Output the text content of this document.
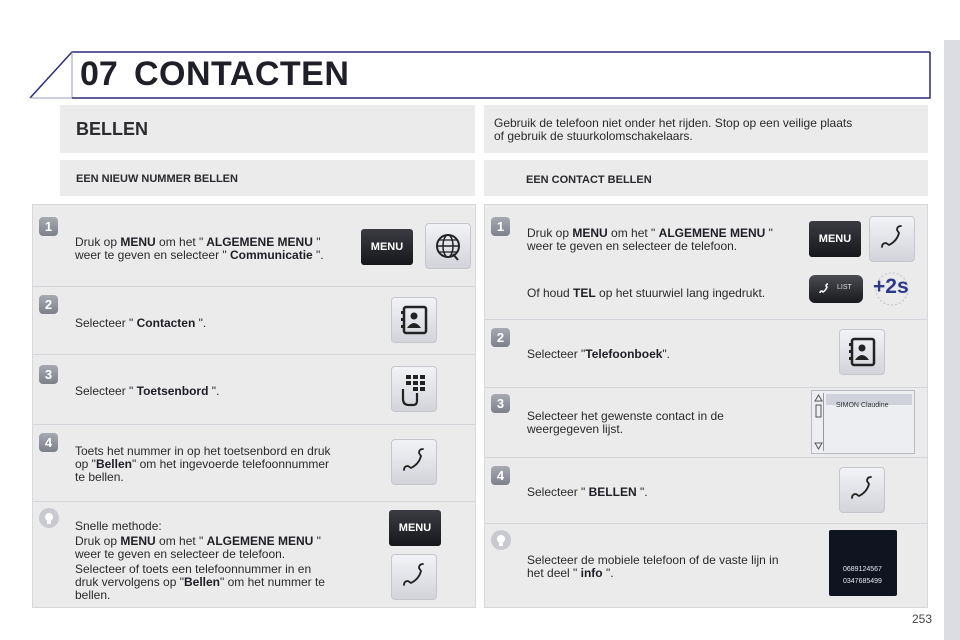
07 CONTACTEN
BELLEN
EEN NIEUW NUMMER BELLEN
1
Druk op MENU om het " ALGEMENE MENU "
weer te geven en selecteer " Communicatie ".
MENU
2
Selecteer " Contacten ".
3
Selecteer " Toetsenbord ".
4
Toets het nummer in op het toetsenbord en druk
op "Bellen" om het ingevoerde telefoonnummer
te bellen.
Snelle methode:
Druk op MENU om het " ALGEMENE MENU "
weer te geven en selecteer de telefoon.
Selecteer of toets een telefoonnummer in en
druk vervolgens op "Bellen" om het nummer te
bellen.
MENU
Gebruik de telefoon niet onder het rijden. Stop op een veilige plaats
of gebruik de stuurkolomschakelaars.
EEN CONTACT BELLEN
1	Druk op MENU om het " ALGEMENE MENU "
weer te geven en selecteer de telefoon.
Of houd TEL op het stuurwiel lang ingedrukt.
MENU
LIST +2s
2
Selecteer "Telefoonboek".
3
Selecteer het gewenste contact in de
weergegeven lijst.
SIMON Claudine
4
Selecteer " BELLEN ".
Selecteer de mobiele telefoon of de vaste lijn in
het deel " info ".	0689124567
0347685499
253
